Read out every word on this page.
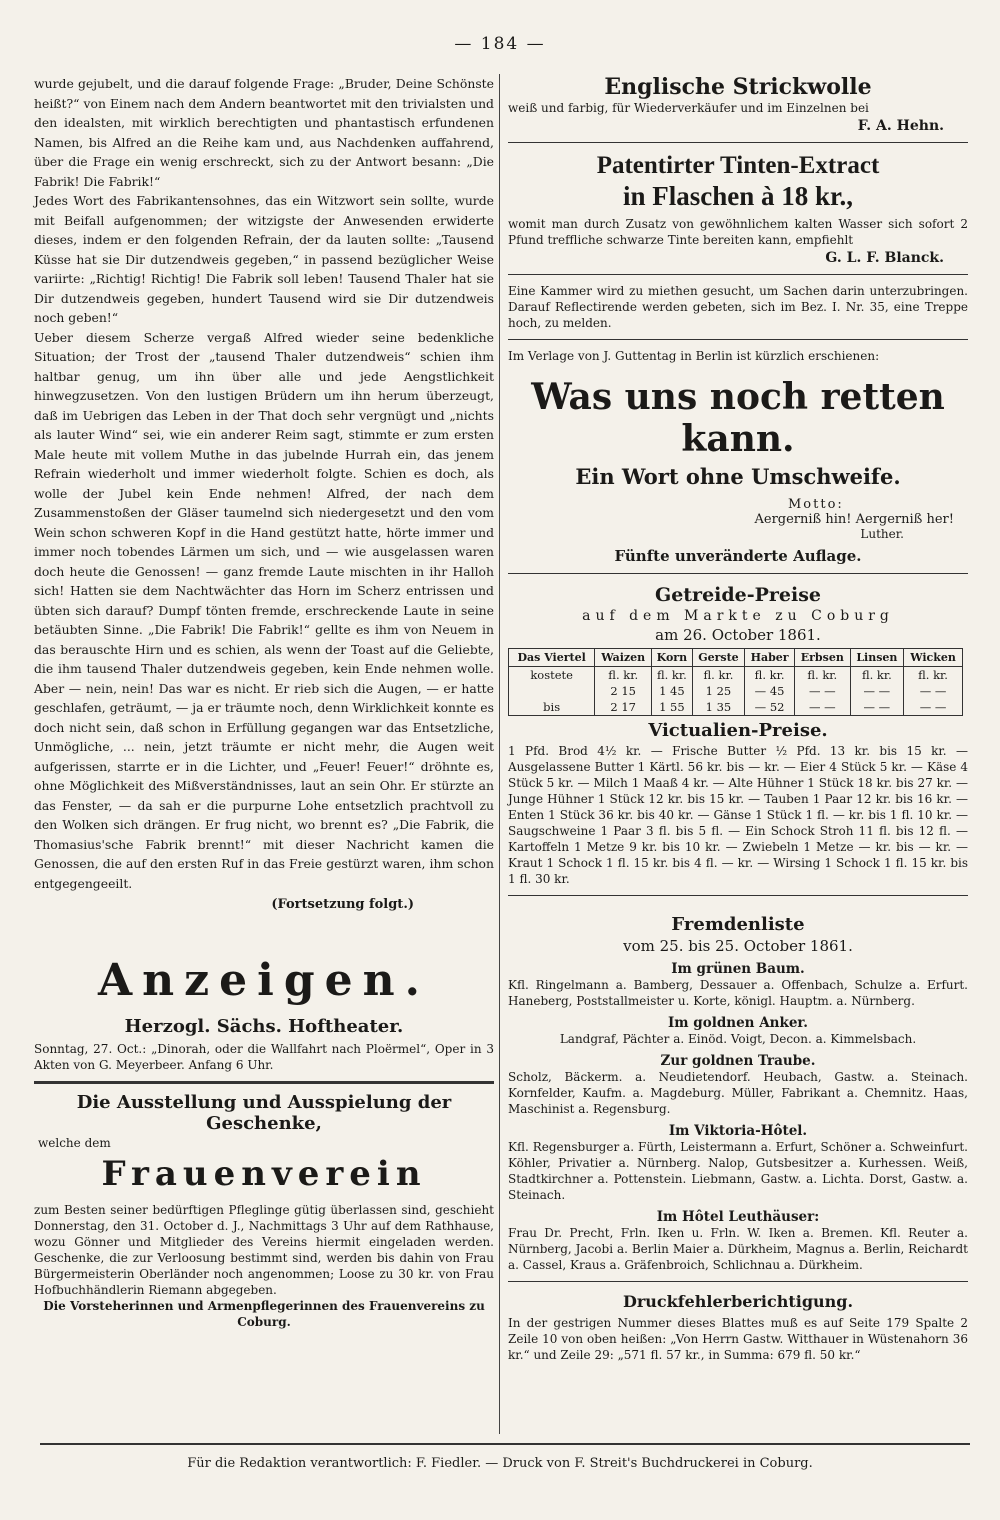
— 184 —

wurde gejubelt, und die darauf folgende Frage: „Bruder, Deine Schönste heißt?“ von Einem nach dem Andern beantwortet mit den trivialsten und den idealsten, mit wirklich berechtigten und phantastisch erfundenen Namen, bis Alfred an die Reihe kam und, aus Nachdenken auffahrend, über die Frage ein wenig erschreckt, sich zu der Antwort besann: „Die Fabrik! Die Fabrik!“

Jedes Wort des Fabrikantensohnes, das ein Witzwort sein sollte, wurde mit Beifall aufgenommen; der witzigste der Anwesenden erwiderte dieses, indem er den folgenden Refrain, der da lauten sollte: „Tausend Küsse hat sie Dir dutzendweis gegeben,“ in passend bezüglicher Weise variirte: „Richtig! Richtig! Die Fabrik soll leben! Tausend Thaler hat sie Dir dutzendweis gegeben, hundert Tausend wird sie Dir dutzendweis noch geben!“

Ueber diesem Scherze vergaß Alfred wieder seine bedenkliche Situation; der Trost der „tausend Thaler dutzendweis“ schien ihm haltbar genug, um ihn über alle und jede Aengstlichkeit hinwegzusetzen. Von den lustigen Brüdern um ihn herum überzeugt, daß im Uebrigen das Leben in der That doch sehr vergnügt und „nichts als lauter Wind“ sei, wie ein anderer Reim sagt, stimmte er zum ersten Male heute mit vollem Muthe in das jubelnde Hurrah ein, das jenem Refrain wiederholt und immer wiederholt folgte. Schien es doch, als wolle der Jubel kein Ende nehmen! Alfred, der nach dem Zusammenstoßen der Gläser taumelnd sich niedergesetzt und den vom Wein schon schweren Kopf in die Hand gestützt hatte, hörte immer und immer noch tobendes Lärmen um sich, und — wie ausgelassen waren doch heute die Genossen! — ganz fremde Laute mischten in ihr Halloh sich! Hatten sie dem Nachtwächter das Horn im Scherz entrissen und übten sich darauf? Dumpf tönten fremde, erschreckende Laute in seine betäubten Sinne. „Die Fabrik! Die Fabrik!“ gellte es ihm von Neuem in das berauschte Hirn und es schien, als wenn der Toast auf die Geliebte, die ihm tausend Thaler dutzendweis gegeben, kein Ende nehmen wolle. Aber — nein, nein! Das war es nicht. Er rieb sich die Augen, — er hatte geschlafen, geträumt, — ja er träumte noch, denn Wirklichkeit konnte es doch nicht sein, daß schon in Erfüllung gegangen war das Entsetzliche, Unmögliche, ... nein, jetzt träumte er nicht mehr, die Augen weit aufgerissen, starrte er in die Lichter, und „Feuer! Feuer!“ dröhnte es, ohne Möglichkeit des Mißverständnisses, laut an sein Ohr. Er stürzte an das Fenster, — da sah er die purpurne Lohe entsetzlich prachtvoll zu den Wolken sich drängen. Er frug nicht, wo brennt es? „Die Fabrik, die Thomasius'sche Fabrik brennt!“ mit dieser Nachricht kamen die Genossen, die auf den ersten Ruf in das Freie gestürzt waren, ihm schon entgegengeeilt.

(Fortsetzung folgt.)
Anzeigen.
Herzogl. Sächs. Hoftheater.

Sonntag, 27. Oct.: „Dinorah, oder die Wallfahrt nach Ploërmel“, Oper in 3 Akten von G. Meyerbeer. Anfang 6 Uhr.

Die Ausstellung und Ausspielung der Geschenke,
welche dem
Frauenverein

zum Besten seiner bedürftigen Pfleglinge gütig überlassen sind, geschieht Donnerstag, den 31. October d. J., Nachmittags 3 Uhr auf dem Rathhause, wozu Gönner und Mitglieder des Vereins hiermit eingeladen werden. Geschenke, die zur Verloosung bestimmt sind, werden bis dahin von Frau Bürgermeisterin Oberländer noch angenommen; Loose zu 30 kr. von Frau Hofbuchhändlerin Riemann abgegeben.

Die Vorsteherinnen und Armenpflegerinnen des Frauenvereins zu Coburg.

Englische Strickwolle

weiß und farbig, für Wiederverkäufer und im Einzelnen bei

F. A. Hehn.
Patentirter Tinten-Extract
in Flaschen à 18 kr.,

womit man durch Zusatz von gewöhnlichem kalten Wasser sich sofort 2 Pfund treffliche schwarze Tinte bereiten kann, empfiehlt

G. L. F. Blanck.

Eine Kammer wird zu miethen gesucht, um Sachen darin unterzubringen. Darauf Reflectirende werden gebeten, sich im Bez. I. Nr. 35, eine Treppe hoch, zu melden.

Im Verlage von J. Guttentag in Berlin ist kürzlich erschienen:

Was uns noch retten kann.
Ein Wort ohne Umschweife.
Motto:
Aergerniß hin! Aergerniß her!
Luther.
Fünfte unveränderte Auflage.
Getreide-Preise
auf dem Markte zu Coburg
am 26. October 1861.
Das Viertel	Waizen	Korn	Gerste	Haber	Erbsen	Linsen	Wicken
kostete	fl. kr.	fl. kr.	fl. kr.	fl. kr.	fl. kr.	fl. kr.	fl. kr.
	2 15	1 45	1 25	— 45	— —	— —	— —
bis	2 17	1 55	1 35	— 52	— —	— —	— —
Victualien-Preise.

1 Pfd. Brod 4½ kr. — Frische Butter ½ Pfd. 13 kr. bis 15 kr. — Ausgelassene Butter 1 Kärtl. 56 kr. bis — kr. — Eier 4 Stück 5 kr. — Käse 4 Stück 5 kr. — Milch 1 Maaß 4 kr. — Alte Hühner 1 Stück 18 kr. bis 27 kr. — Junge Hühner 1 Stück 12 kr. bis 15 kr. — Tauben 1 Paar 12 kr. bis 16 kr. — Enten 1 Stück 36 kr. bis 40 kr. — Gänse 1 Stück 1 fl. — kr. bis 1 fl. 10 kr. — Saugschweine 1 Paar 3 fl. bis 5 fl. — Ein Schock Stroh 11 fl. bis 12 fl. — Kartoffeln 1 Metze 9 kr. bis 10 kr. — Zwiebeln 1 Metze — kr. bis — kr. — Kraut 1 Schock 1 fl. 15 kr. bis 4 fl. — kr. — Wirsing 1 Schock 1 fl. 15 kr. bis 1 fl. 30 kr.

Fremdenliste
vom 25. bis 25. October 1861.
Im grünen Baum.

Kfl. Ringelmann a. Bamberg, Dessauer a. Offenbach, Schulze a. Erfurt. Haneberg, Poststallmeister u. Korte, königl. Hauptm. a. Nürnberg.

Im goldnen Anker.

Landgraf, Pächter a. Einöd. Voigt, Decon. a. Kimmelsbach.

Zur goldnen Traube.

Scholz, Bäckerm. a. Neudietendorf. Heubach, Gastw. a. Steinach. Kornfelder, Kaufm. a. Magdeburg. Müller, Fabrikant a. Chemnitz. Haas, Maschinist a. Regensburg.

Im Viktoria-Hôtel.

Kfl. Regensburger a. Fürth, Leistermann a. Erfurt, Schöner a. Schweinfurt. Köhler, Privatier a. Nürnberg. Nalop, Gutsbesitzer a. Kurhessen. Weiß, Stadtkirchner a. Pottenstein. Liebmann, Gastw. a. Lichta. Dorst, Gastw. a. Steinach.

Im Hôtel Leuthäuser:

Frau Dr. Precht, Frln. Iken u. Frln. W. Iken a. Bremen. Kfl. Reuter a. Nürnberg, Jacobi a. Berlin Maier a. Dürkheim, Magnus a. Berlin, Reichardt a. Cassel, Kraus a. Gräfenbroich, Schlichnau a. Dürkheim.

Druckfehlerberichtigung.

In der gestrigen Nummer dieses Blattes muß es auf Seite 179 Spalte 2 Zeile 10 von oben heißen: „Von Herrn Gastw. Witthauer in Wüstenahorn 36 kr.“ und Zeile 29: „571 fl. 57 kr., in Summa: 679 fl. 50 kr.“

Für die Redaktion verantwortlich: F. Fiedler. — Druck von F. Streit's Buchdruckerei in Coburg.
